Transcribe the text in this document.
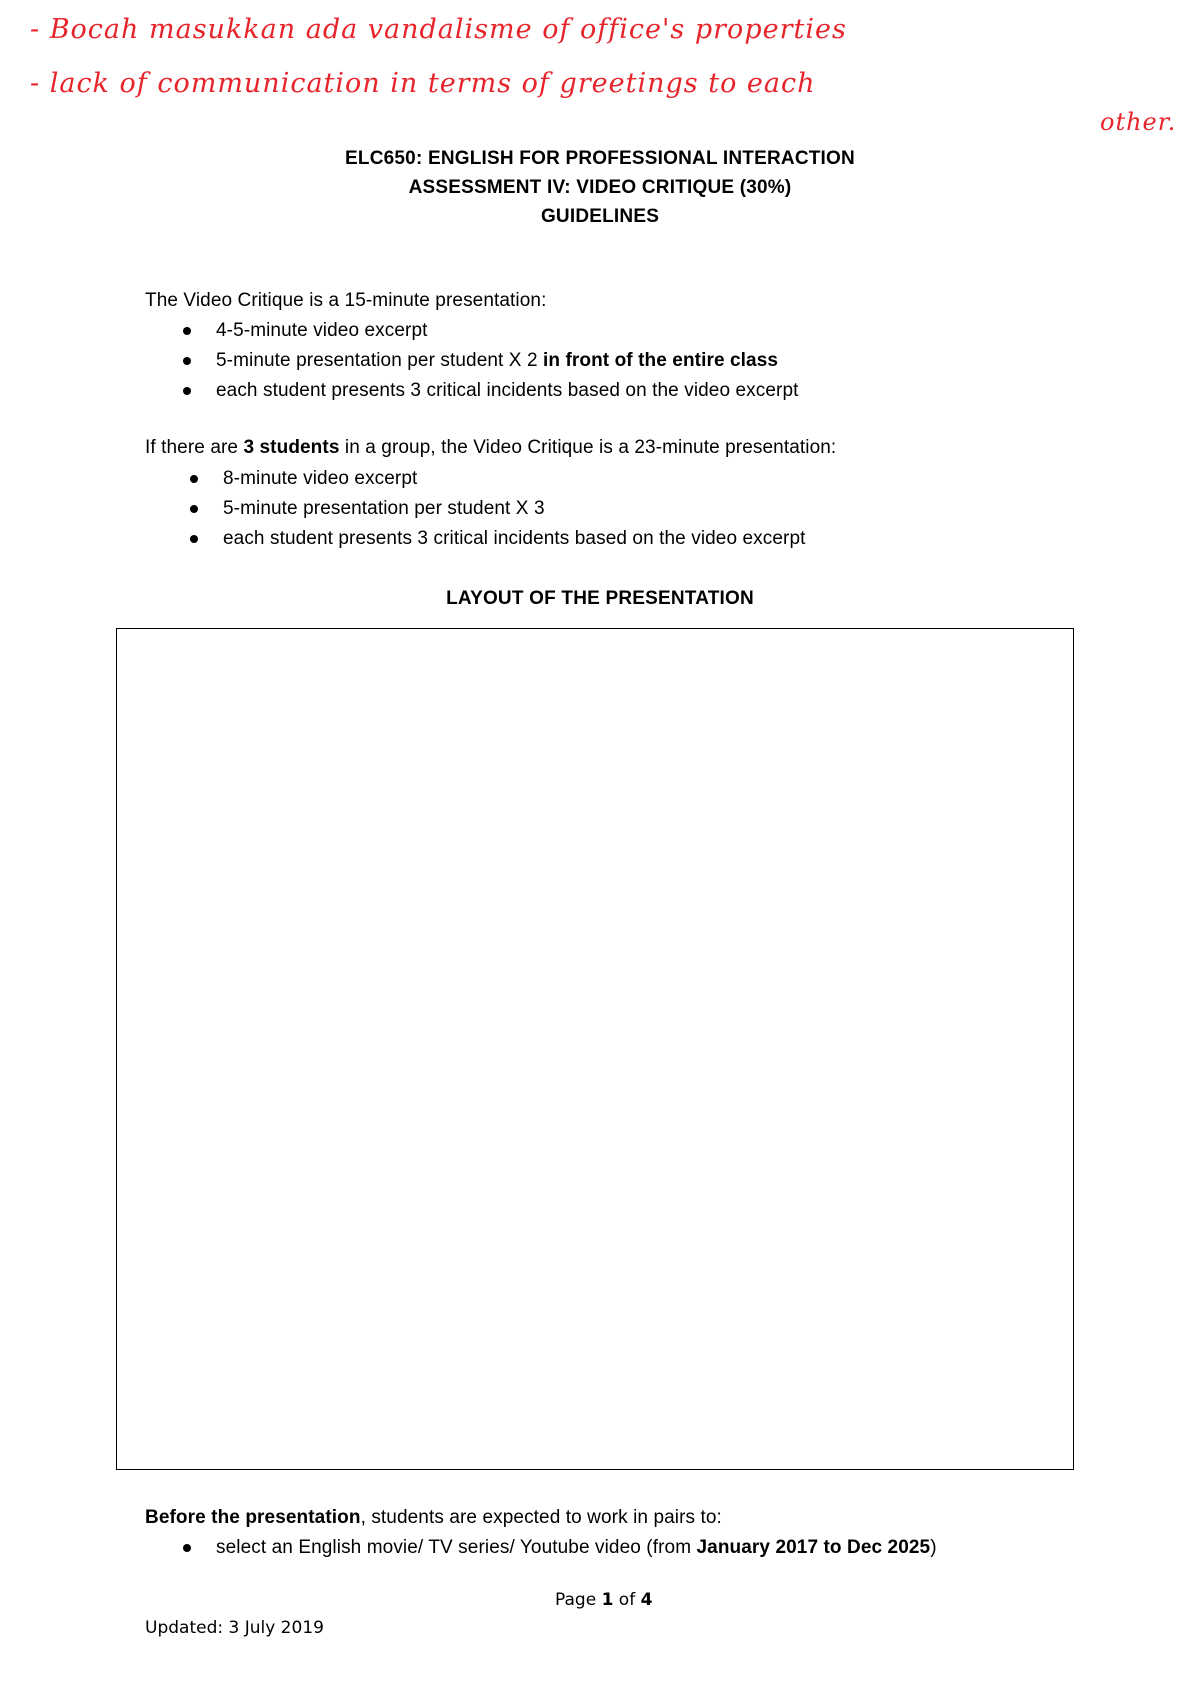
- Bocah masukkan ada vandalisme of office's properties
- lack of communication in terms of greetings to each
other.
ELC650: ENGLISH FOR PROFESSIONAL INTERACTION
ASSESSMENT IV: VIDEO CRITIQUE (30%)
GUIDELINES
The Video Critique is a 15-minute presentation:
4-5-minute video excerpt
5-minute presentation per student X 2 in front of the entire class
each student presents 3 critical incidents based on the video excerpt
If there are 3 students in a group, the Video Critique is a 23-minute presentation:
8-minute video excerpt
5-minute presentation per student X 3
each student presents 3 critical incidents based on the video excerpt
LAYOUT OF THE PRESENTATION
Before the presentation, students are expected to work in pairs to:
select an English movie/ TV series/ Youtube video (from January 2017 to Dec 2025)
Page 1 of 4
Updated: 3 July 2019
